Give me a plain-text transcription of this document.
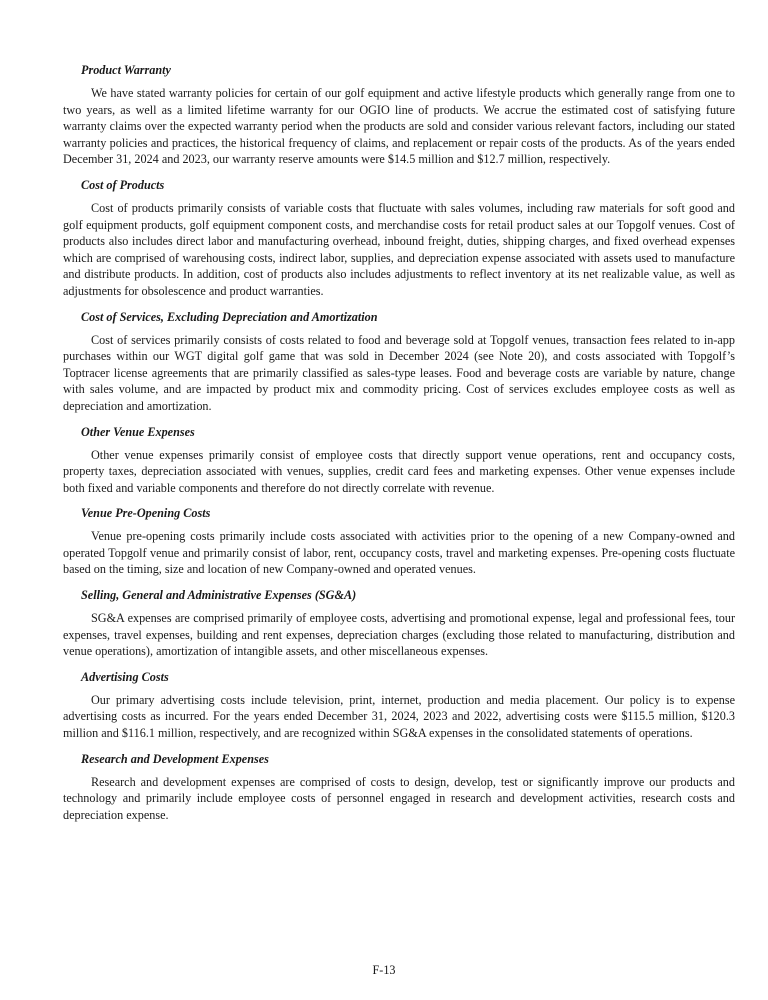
Product Warranty

We have stated warranty policies for certain of our golf equipment and active lifestyle products which generally range from one to two years, as well as a limited lifetime warranty for our OGIO line of products. We accrue the estimated cost of satisfying future warranty claims over the expected warranty period when the products are sold and consider various relevant factors, including our stated warranty policies and practices, the historical frequency of claims, and replacement or repair costs of the products. As of the years ended December 31, 2024 and 2023, our warranty reserve amounts were $14.5 million and $12.7 million, respectively.

Cost of Products

Cost of products primarily consists of variable costs that fluctuate with sales volumes, including raw materials for soft good and golf equipment products, golf equipment component costs, and merchandise costs for retail product sales at our Topgolf venues. Cost of products also includes direct labor and manufacturing overhead, inbound freight, duties, shipping charges, and fixed overhead expenses which are comprised of warehousing costs, indirect labor, supplies, and depreciation expense associated with assets used to manufacture and distribute products. In addition, cost of products also includes adjustments to reflect inventory at its net realizable value, as well as adjustments for obsolescence and product warranties.

Cost of Services, Excluding Depreciation and Amortization

Cost of services primarily consists of costs related to food and beverage sold at Topgolf venues, transaction fees related to in-app purchases within our WGT digital golf game that was sold in December 2024 (see Note 20), and costs associated with Topgolf’s Toptracer license agreements that are primarily classified as sales-type leases. Food and beverage costs are variable by nature, change with sales volume, and are impacted by product mix and commodity pricing. Cost of services excludes employee costs as well as depreciation and amortization.

Other Venue Expenses

Other venue expenses primarily consist of employee costs that directly support venue operations, rent and occupancy costs, property taxes, depreciation associated with venues, supplies, credit card fees and marketing expenses. Other venue expenses include both fixed and variable components and therefore do not directly correlate with revenue.

Venue Pre-Opening Costs

Venue pre-opening costs primarily include costs associated with activities prior to the opening of a new Company-owned and operated Topgolf venue and primarily consist of labor, rent, occupancy costs, travel and marketing expenses. Pre-opening costs fluctuate based on the timing, size and location of new Company-owned and operated venues.

Selling, General and Administrative Expenses (SG&A)

SG&A expenses are comprised primarily of employee costs, advertising and promotional expense, legal and professional fees, tour expenses, travel expenses, building and rent expenses, depreciation charges (excluding those related to manufacturing, distribution and venue operations), amortization of intangible assets, and other miscellaneous expenses.

Advertising Costs

Our primary advertising costs include television, print, internet, production and media placement. Our policy is to expense advertising costs as incurred. For the years ended December 31, 2024, 2023 and 2022, advertising costs were $115.5 million, $120.3 million and $116.1 million, respectively, and are recognized within SG&A expenses in the consolidated statements of operations.

Research and Development Expenses

Research and development expenses are comprised of costs to design, develop, test or significantly improve our products and technology and primarily include employee costs of personnel engaged in research and development activities, research costs and depreciation expense.

F-13
